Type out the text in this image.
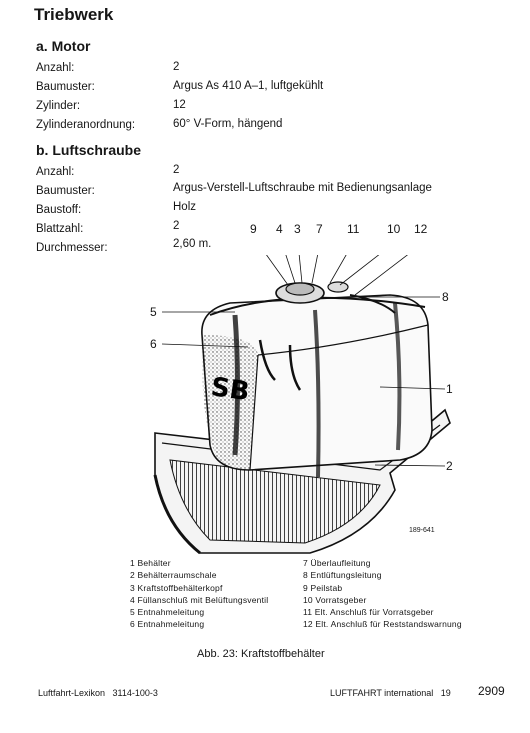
Triebwerk
a. Motor
Anzahl:	2
Baumuster:	Argus As 410 A–1, luftgekühlt
Zylinder:	12
Zylinderanordnung:	60° V-Form, hängend
b. Luftschraube
Anzahl:	2
Baumuster:	Argus-Verstell-Luftschraube mit Bedienungsanlage
Baustoff:	Holz
Blattzahl:	2
Durchmesser:	2,60 m.
SB
9 4 3 7 11 10 12
8
5
6
1
2
189-641
1 Behälter
2 Behälterraumschale
3 Kraftstoffbehälterkopf
4 Füllanschluß mit Belüftungsventil
5 Entnahmeleitung
6 Entnahmeleitung
7 Überlaufleitung
8 Entlüftungsleitung
9 Peilstab
10 Vorratsgeber
11 Elt. Anschluß für Vorratsgeber
12 Elt. Anschluß für Reststandswarnung
Abb. 23: Kraftstoffbehälter
Luftfahrt-Lexikon   3114-100-3	LUFTFAHRT international   19 2909
